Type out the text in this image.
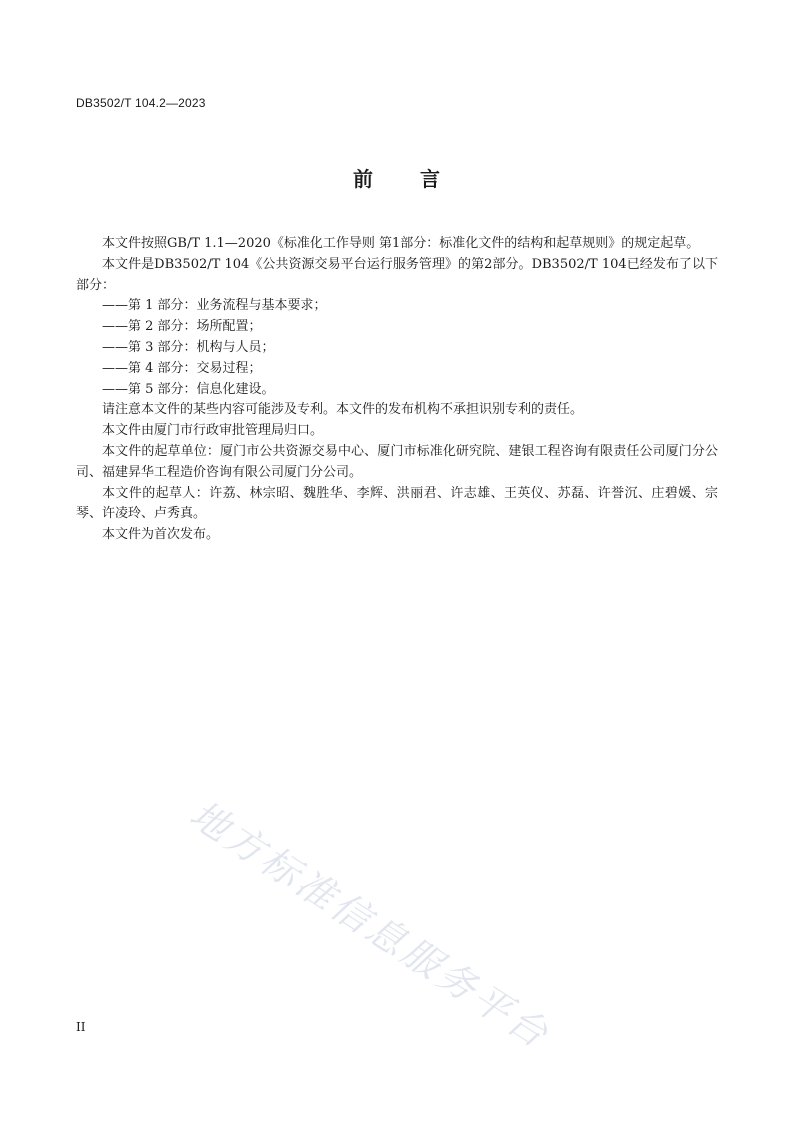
DB3502/T 104.2—2023
前 言

本文件按照GB/T 1.1—2020《标准化工作导则 第1部分：标准化文件的结构和起草规则》的规定起草。

本文件是DB3502/T 104《公共资源交易平台运行服务管理》的第2部分。DB3502/T 104已经发布了以下部分：

——第 1 部分：业务流程与基本要求；

——第 2 部分：场所配置；

——第 3 部分：机构与人员；

——第 4 部分：交易过程；

——第 5 部分：信息化建设。

请注意本文件的某些内容可能涉及专利。本文件的发布机构不承担识别专利的责任。

本文件由厦门市行政审批管理局归口。

本文件的起草单位：厦门市公共资源交易中心、厦门市标准化研究院、建银工程咨询有限责任公司厦门分公司、福建昇华工程造价咨询有限公司厦门分公司。

本文件的起草人：许荔、林宗昭、魏胜华、李辉、洪丽君、许志雄、王英仪、苏磊、许誉沉、庄碧媛、宗琴、许凌玲、卢秀真。

本文件为首次发布。

地方标准信息服务平台
II
